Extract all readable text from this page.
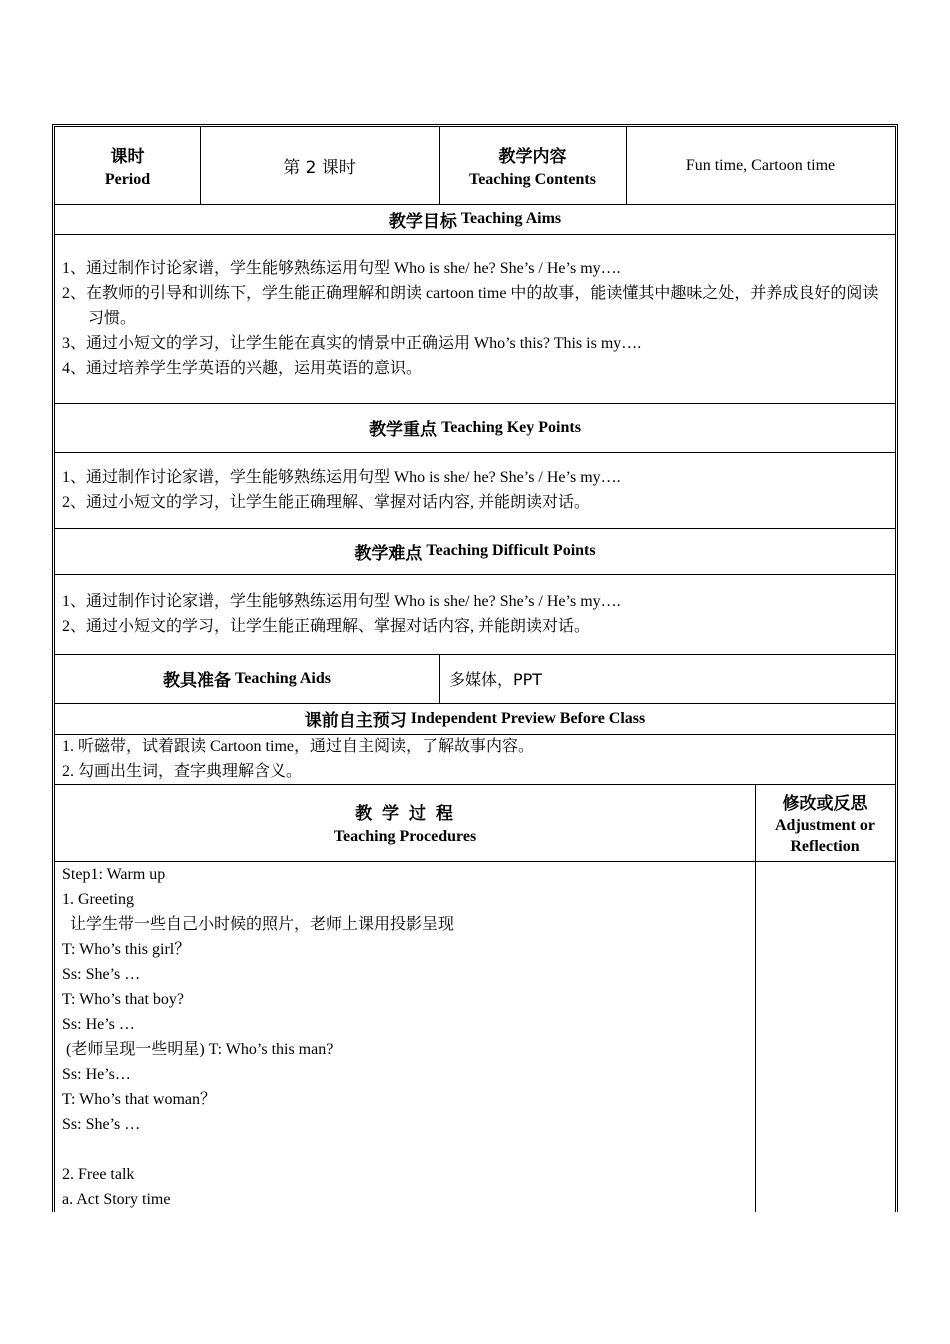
课时
Period
第 2 课时
教学内容
Teaching Contents
Fun time, Cartoon time
教学目标 Teaching Aims
1、通过制作讨论家谱，学生能够熟练运用句型 Who is she/ he? She’s / He’s my….
2、在教师的引导和训练下，学生能正确理解和朗读 cartoon time 中的故事，能读懂其中趣味之处，并养成良好的阅读习惯。
3、通过小短文的学习，让学生能在真实的情景中正确运用 Who’s this? This is my….
4、通过培养学生学英语的兴趣，运用英语的意识。
教学重点 Teaching Key Points
1、通过制作讨论家谱，学生能够熟练运用句型 Who is she/ he? She’s / He’s my….
2、通过小短文的学习，让学生能正确理解、掌握对话内容, 并能朗读对话。
教学难点 Teaching Difficult Points
1、通过制作讨论家谱，学生能够熟练运用句型 Who is she/ he? She’s / He’s my….
2、通过小短文的学习，让学生能正确理解、掌握对话内容, 并能朗读对话。
教具准备 Teaching Aids	多媒体，PPT
课前自主预习 Independent Preview Before Class
1. 听磁带，试着跟读 Cartoon time，通过自主阅读，了解故事内容。
2. 勾画出生词，查字典理解含义。
教 学 过 程
Teaching Procedures
修改或反思
Adjustment or
Reflection
Step1: Warm up
1. Greeting
让学生带一些自己小时候的照片，老师上课用投影呈现
T: Who’s this girl？
Ss: She’s …
T: Who’s that boy?
Ss: He’s …
(老师呈现一些明星) T: Who’s this man?
Ss: He’s…
T: Who’s that woman？
Ss: She’s …
2. Free talk
a. Act Story time
